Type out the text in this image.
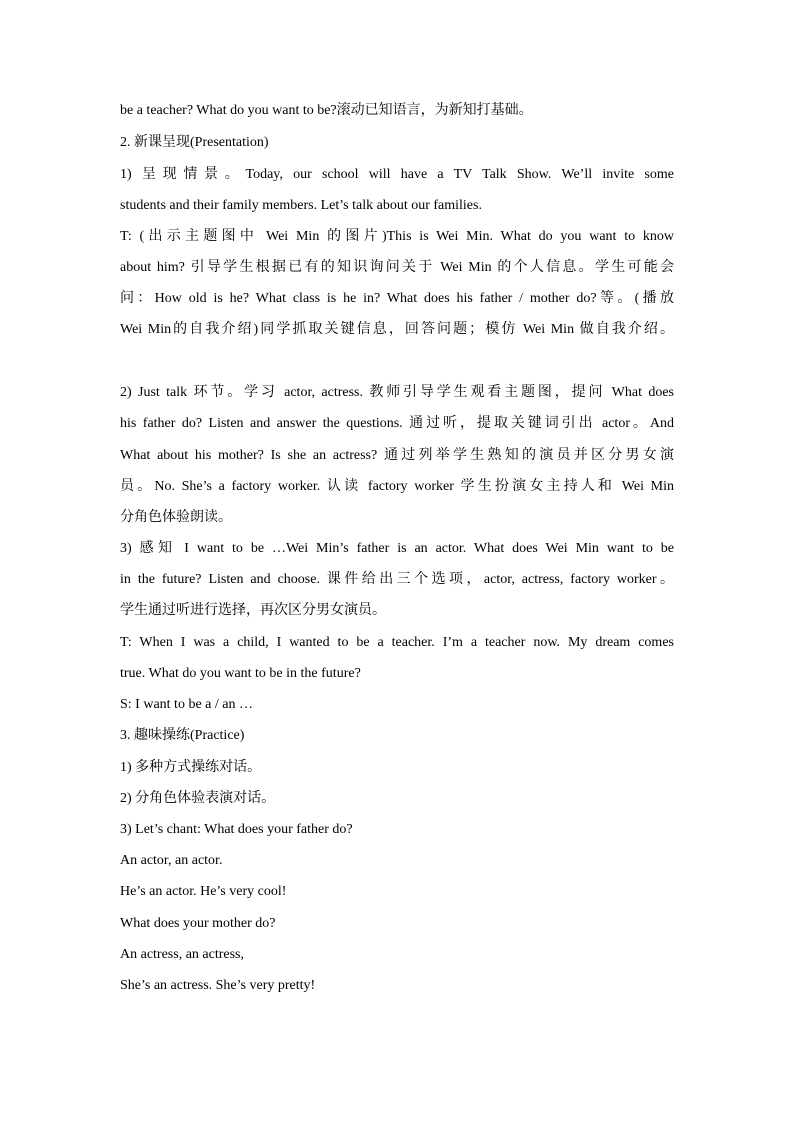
be a teacher? What do you want to be?滚动已知语言，为新知打基础。
2. 新课呈现(Presentation)
1) 呈现情景。Today, our school will have a TV Talk Show. We’ll invite some
students and their family members. Let’s talk about our families.
T: (出示主题图中 Wei Min 的图片)This is Wei Min. What do you want to know
about him? 引导学生根据已有的知识询问关于 Wei Min 的个人信息。学生可能会
问：How old is he? What class is he in? What does his father / mother do?等。(播放
Wei Min的自我介绍)同学抓取关键信息，回答问题；模仿 Wei Min 做自我介绍。
2) Just talk 环节。学习 actor, actress. 教师引导学生观看主题图，提问 What does
his father do? Listen and answer the questions. 通过听，提取关键词引出 actor。And
What about his mother? Is she an actress? 通过列举学生熟知的演员并区分男女演
员。No. She’s a factory worker. 认读 factory worker 学生扮演女主持人和 Wei Min
分角色体验朗读。
3) 感知 I want to be …Wei Min’s father is an actor. What does Wei Min want to be
in the future? Listen and choose. 课件给出三个选项，actor, actress, factory worker。
学生通过听进行选择，再次区分男女演员。
T: When I was a child, I wanted to be a teacher. I’m a teacher now. My dream comes
true. What do you want to be in the future?
S: I want to be a / an …
3. 趣味操练(Practice)
1) 多种方式操练对话。
2) 分角色体验表演对话。
3) Let’s chant: What does your father do?
An actor, an actor.
He’s an actor. He’s very cool!
What does your mother do?
An actress, an actress,
She’s an actress. She’s very pretty!
